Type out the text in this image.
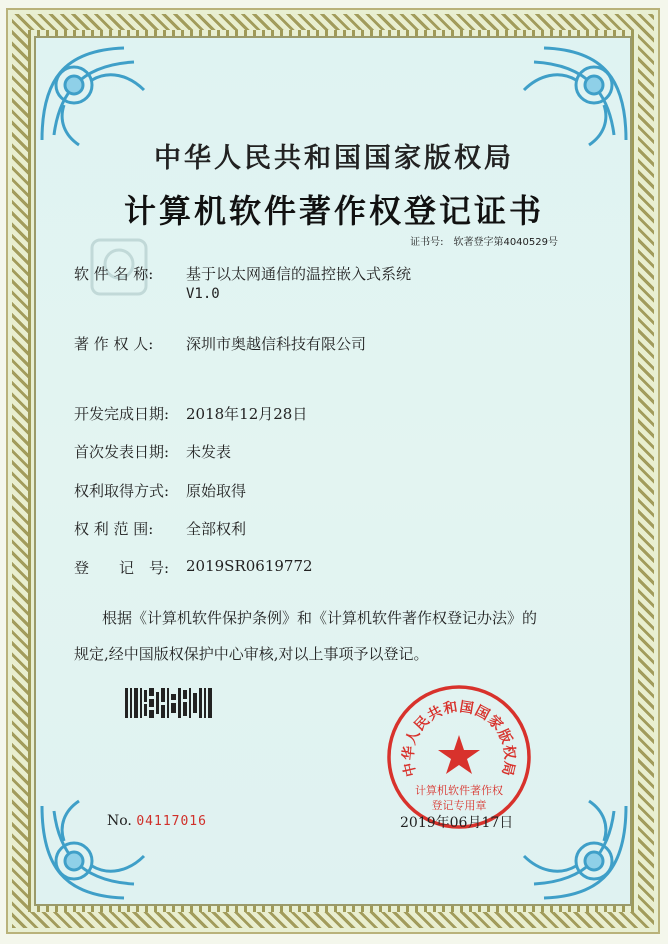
中华人民共和国国家版权局
计算机软件著作权登记证书
证书号: 软著登字第4040529号
软 件 名 称: 基于以太网通信的温控嵌入式系统
V1.0
著 作 权 人: 深圳市奥越信科技有限公司
开发完成日期: 2018年12月28日
首次发表日期: 未发表
权利取得方式: 原始取得
权 利 范 围: 全部权利
登　　记　号: 2019SR0619772
根据《计算机软件保护条例》和《计算机软件著作权登记办法》的
规定,经中国版权保护中心审核,对以上事项予以登记。
No. 04117016
中华人民共和国国家版权局
计算机软件著作权
登记专用章
2019年06月17日
